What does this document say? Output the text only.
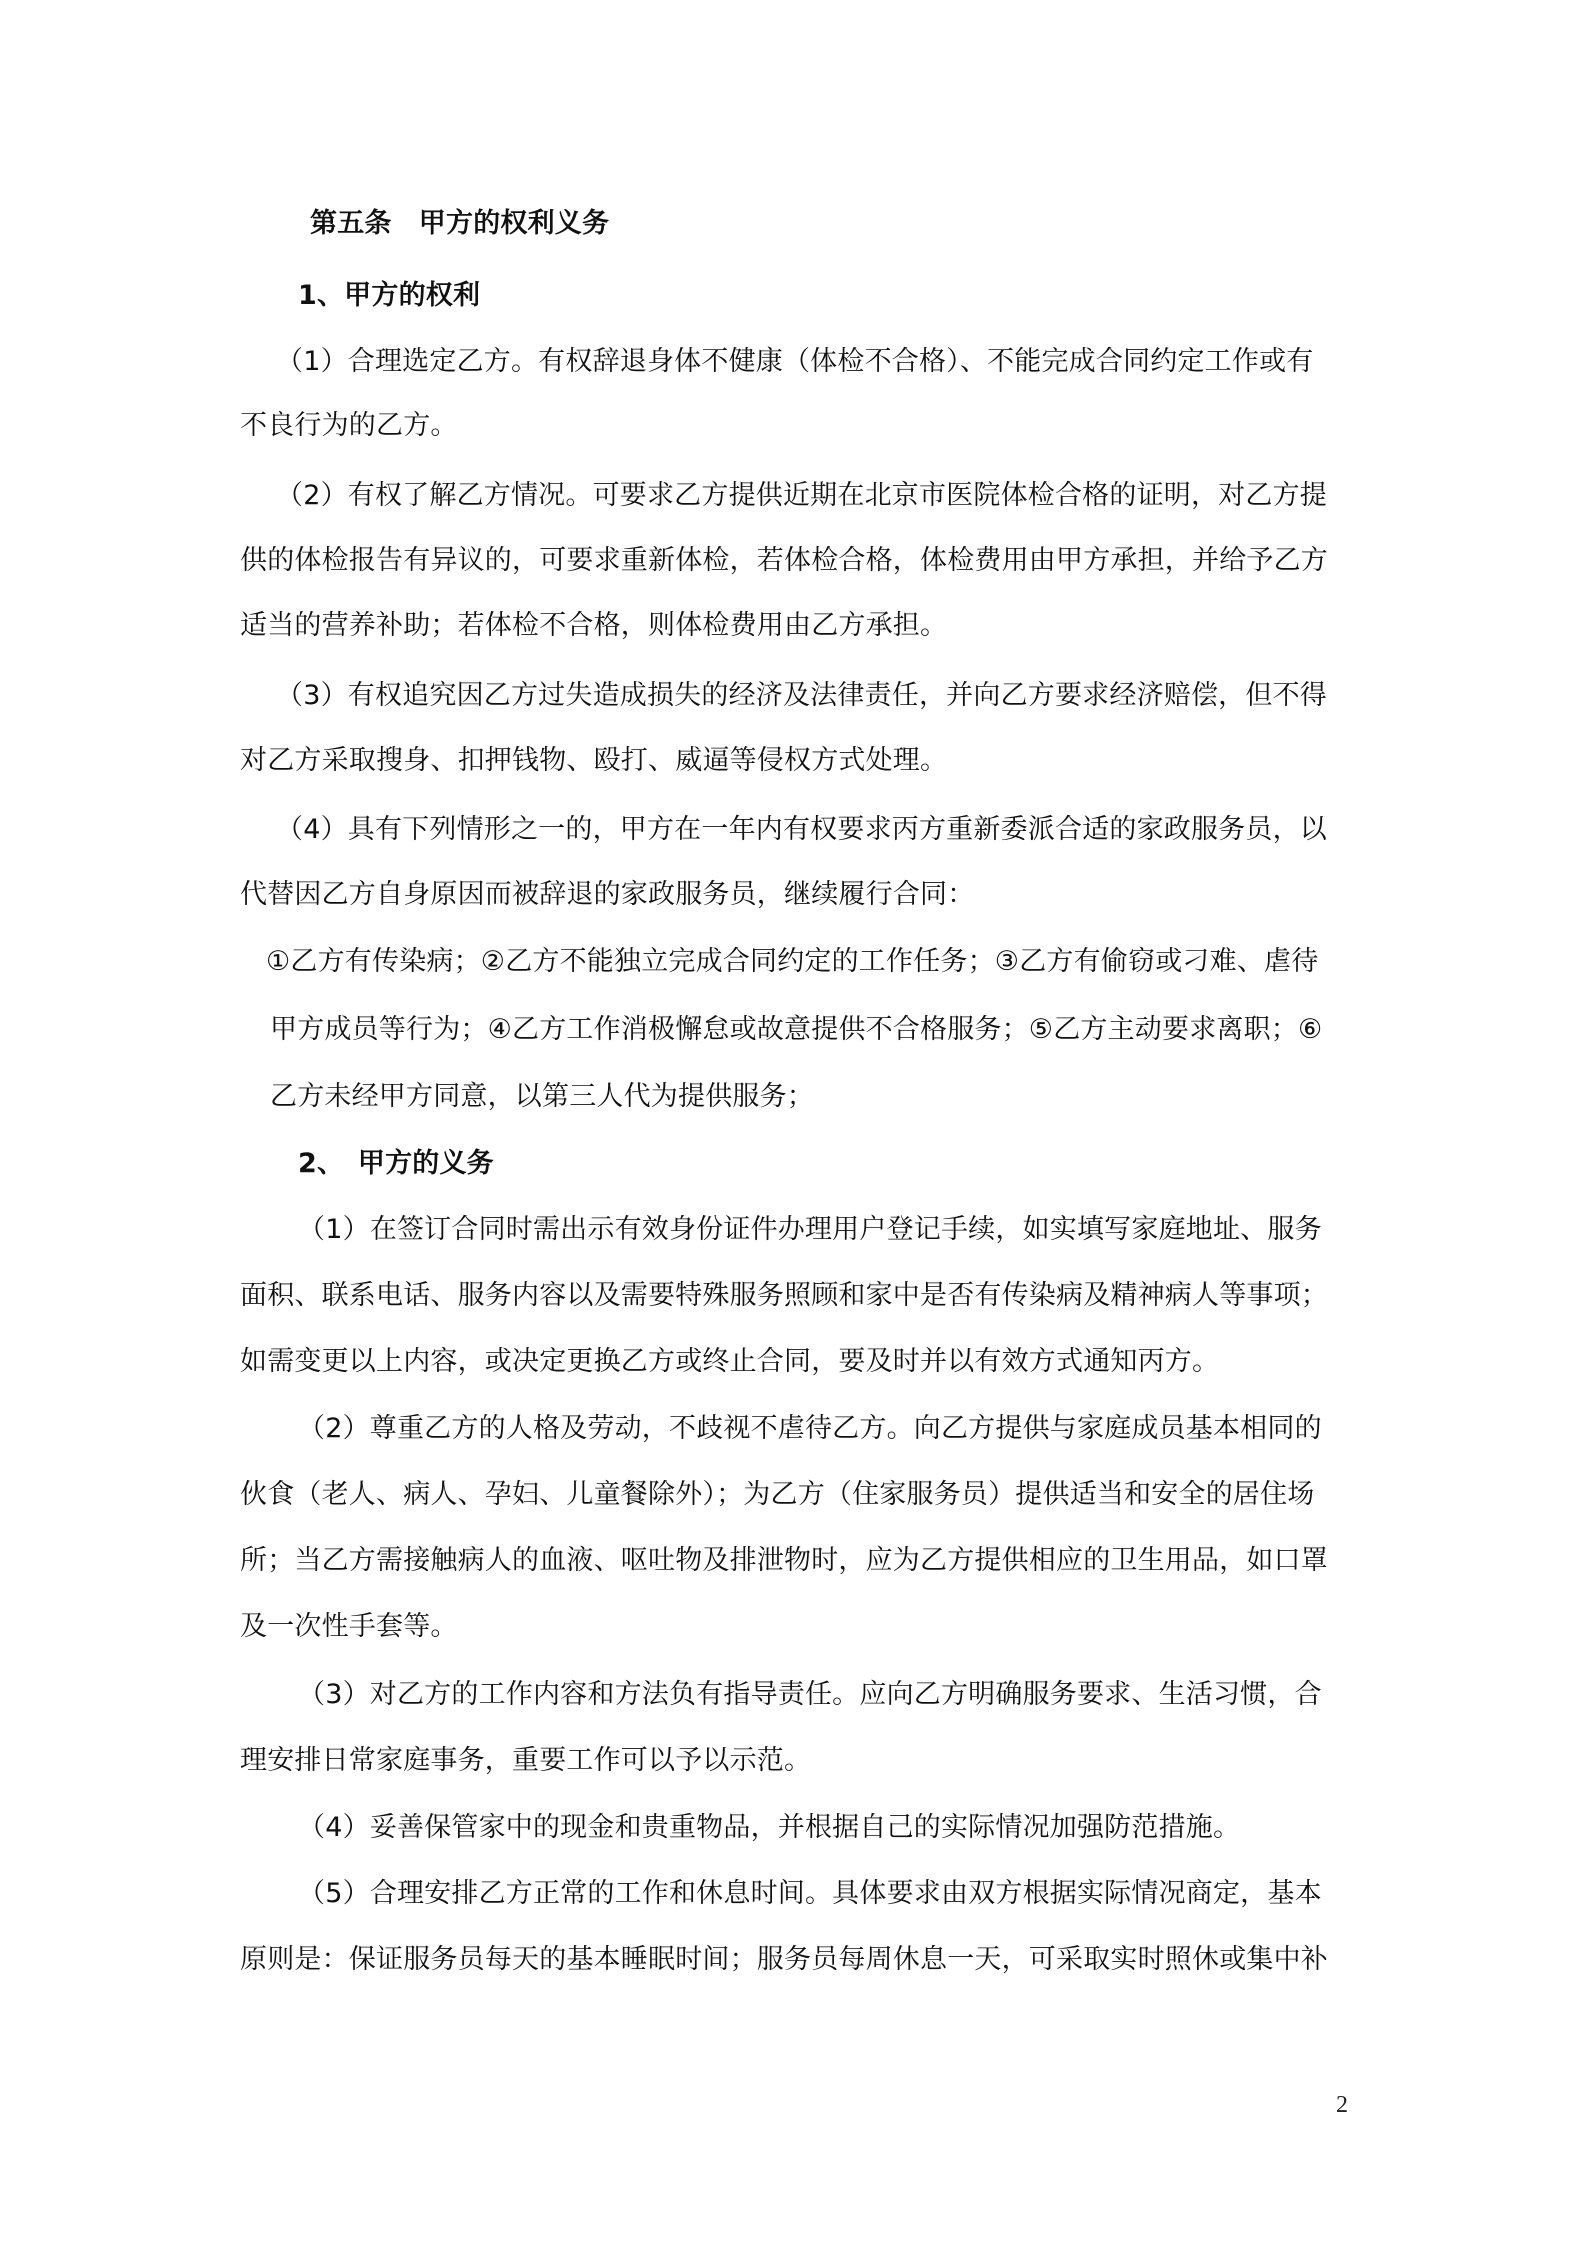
第五条　甲方的权利义务
1、甲方的权利
（1）合理选定乙方。有权辞退身体不健康（体检不合格）、不能完成合同约定工作或有
不良行为的乙方。
（2）有权了解乙方情况。可要求乙方提供近期在北京市医院体检合格的证明，对乙方提
供的体检报告有异议的，可要求重新体检，若体检合格，体检费用由甲方承担，并给予乙方
适当的营养补助；若体检不合格，则体检费用由乙方承担。
（3）有权追究因乙方过失造成损失的经济及法律责任，并向乙方要求经济赔偿，但不得
对乙方采取搜身、扣押钱物、殴打、威逼等侵权方式处理。
（4）具有下列情形之一的，甲方在一年内有权要求丙方重新委派合适的家政服务员，以
代替因乙方自身原因而被辞退的家政服务员，继续履行合同：
①乙方有传染病；②乙方不能独立完成合同约定的工作任务；③乙方有偷窃或刁难、虐待
甲方成员等行为；④乙方工作消极懈怠或故意提供不合格服务；⑤乙方主动要求离职；⑥
乙方未经甲方同意，以第三人代为提供服务；
2、　甲方的义务
（1）在签订合同时需出示有效身份证件办理用户登记手续，如实填写家庭地址、服务
面积、联系电话、服务内容以及需要特殊服务照顾和家中是否有传染病及精神病人等事项；
如需变更以上内容，或决定更换乙方或终止合同，要及时并以有效方式通知丙方。
（2）尊重乙方的人格及劳动，不歧视不虐待乙方。向乙方提供与家庭成员基本相同的
伙食（老人、病人、孕妇、儿童餐除外）；为乙方（住家服务员）提供适当和安全的居住场
所；当乙方需接触病人的血液、呕吐物及排泄物时，应为乙方提供相应的卫生用品，如口罩
及一次性手套等。
（3）对乙方的工作内容和方法负有指导责任。应向乙方明确服务要求、生活习惯，合
理安排日常家庭事务，重要工作可以予以示范。
（4）妥善保管家中的现金和贵重物品，并根据自己的实际情况加强防范措施。
（5）合理安排乙方正常的工作和休息时间。具体要求由双方根据实际情况商定，基本
原则是：保证服务员每天的基本睡眠时间；服务员每周休息一天，可采取实时照休或集中补
2
